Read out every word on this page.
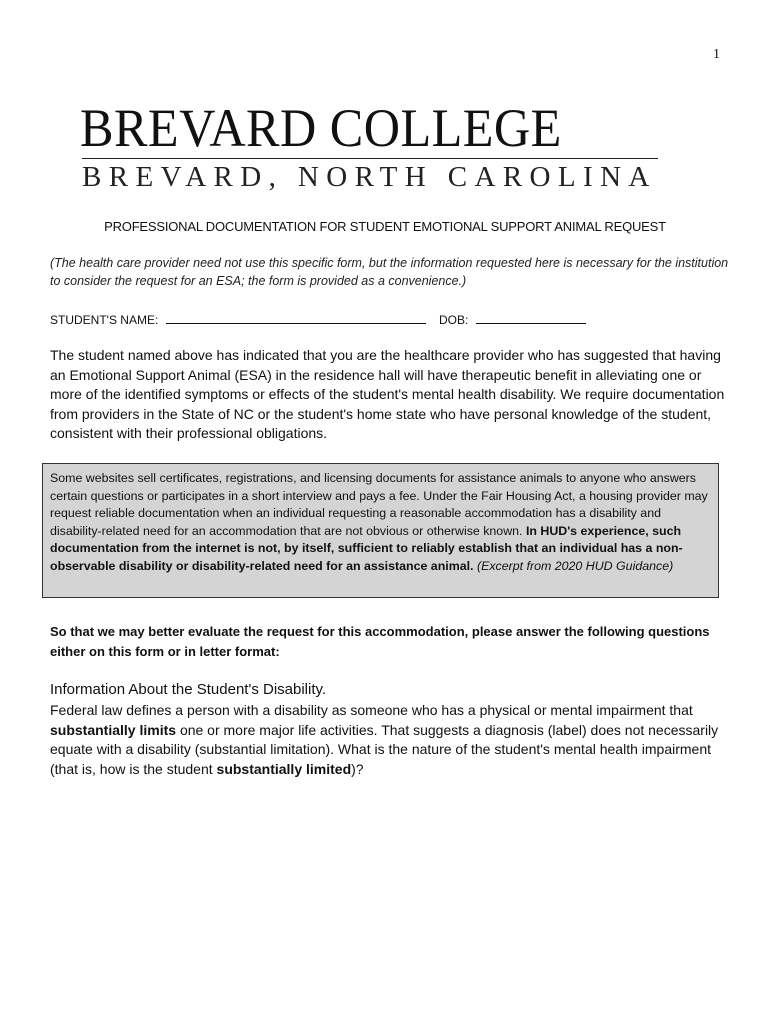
1
BREVARD COLLEGE
BREVARD, NORTH CAROLINA
PROFESSIONAL DOCUMENTATION FOR STUDENT EMOTIONAL SUPPORT ANIMAL REQUEST
(The health care provider need not use this specific form, but the information requested here is necessary for the institution to consider the request for an ESA; the form is provided as a convenience.)
STUDENT'S NAME:	DOB:
The student named above has indicated that you are the healthcare provider who has suggested that having an Emotional Support Animal (ESA) in the residence hall will have therapeutic benefit in alleviating one or more of the identified symptoms or effects of the student's mental health disability. We require documentation from providers in the State of NC or the student's home state who have personal knowledge of the student, consistent with their professional obligations.
Some websites sell certificates, registrations, and licensing documents for assistance animals to anyone who answers certain questions or participates in a short interview and pays a fee. Under the Fair Housing Act, a housing provider may request reliable documentation when an individual requesting a reasonable accommodation has a disability and disability-related need for an accommodation that are not obvious or otherwise known. In HUD's experience, such documentation from the internet is not, by itself, sufficient to reliably establish that an individual has a non-observable disability or disability-related need for an assistance animal. (Excerpt from 2020 HUD Guidance)
So that we may better evaluate the request for this accommodation, please answer the following questions either on this form or in letter format:
Information About the Student's Disability.
Federal law defines a person with a disability as someone who has a physical or mental impairment that substantially limits one or more major life activities. That suggests a diagnosis (label) does not necessarily equate with a disability (substantial limitation). What is the nature of the student's mental health impairment (that is, how is the student substantially limited)?
